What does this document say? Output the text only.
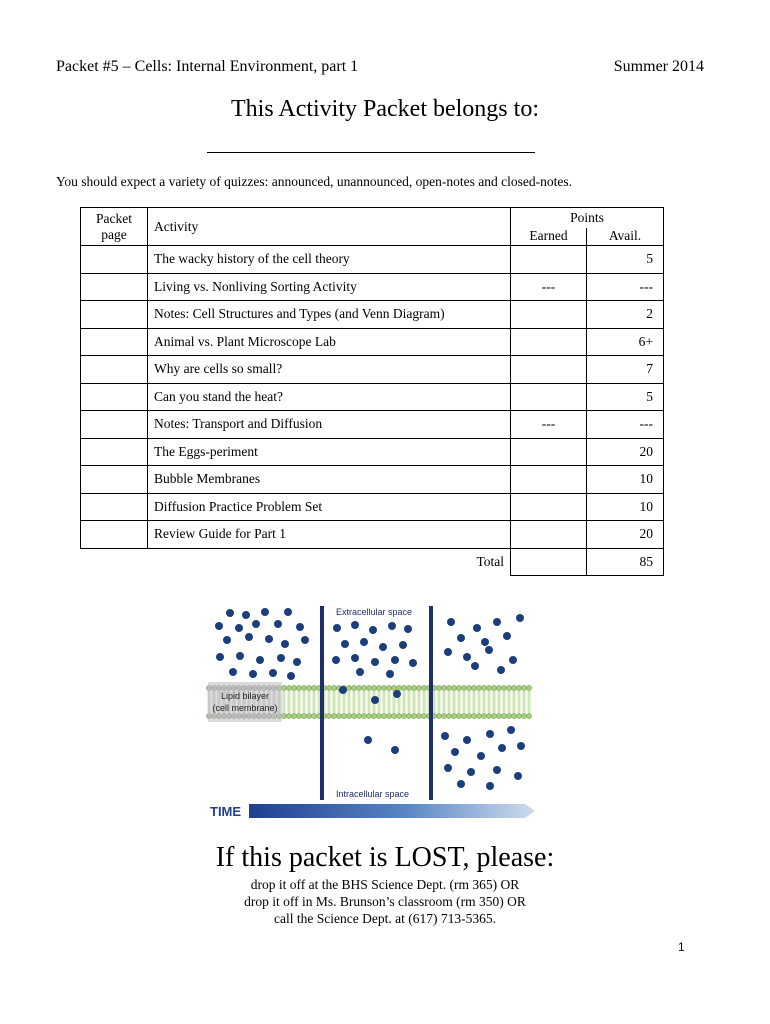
Packet #5 – Cells: Internal Environment, part 1	Summer 2014
This Activity Packet belongs to:
You should expect a variety of quizzes: announced, unannounced, open-notes and closed-notes.
Packet page	Activity	Points	
		Earned	Avail.
	The wacky history of the cell theory		5
	Living vs. Nonliving Sorting Activity	---	---
	Notes: Cell Structures and Types (and Venn Diagram)		2
	Animal vs. Plant Microscope Lab		6+
	Why are cells so small?		7
	Can you stand the heat?		5
	Notes: Transport and Diffusion	---	---
	The Eggs-periment		20
	Bubble Membranes		10
	Diffusion Practice Problem Set		10
	Review Guide for Part 1		20
	Total		85
Lipid bilayer
(cell membrane)
Extracellular space
Intracellular space
TIME
If this packet is LOST, please:
drop it off at the BHS Science Dept. (rm 365) OR
drop it off in Ms. Brunson’s classroom (rm 350) OR
call the Science Dept. at (617) 713-5365.
1
